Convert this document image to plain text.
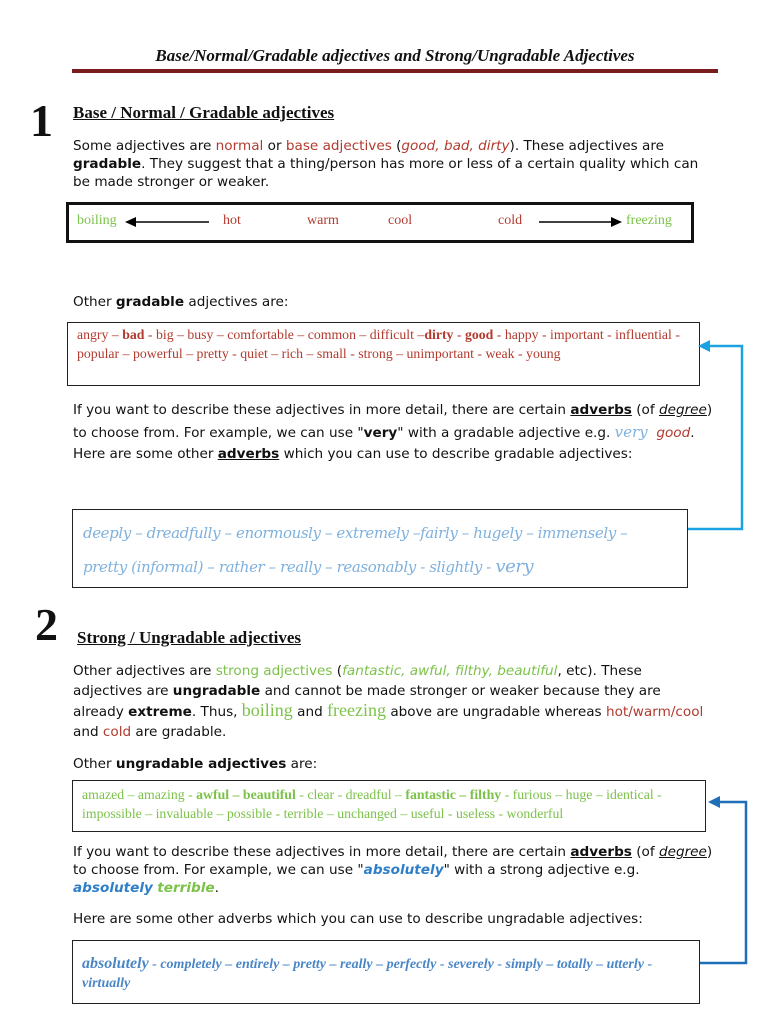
Base/Normal/Gradable adjectives and Strong/Ungradable Adjectives
1 Base / Normal / Gradable adjectives
Some adjectives are normal or base adjectives (good, bad, dirty). These adjectives are gradable. They suggest that a thing/person has more or less of a certain quality which can be made stronger or weaker.
boiling	hot	warm	cool	cold	freezing
Other gradable adjectives are:
angry – bad - big – busy – comfortable – common – difficult –dirty - good - happy - important - influential - popular – powerful – pretty - quiet – rich – small - strong – unimportant - weak - young
If you want to describe these adjectives in more detail, there are certain adverbs (of degree) to choose from. For example, we can use "very" with a gradable adjective e.g. very good. Here are some other adverbs which you can use to describe gradable adjectives:
deeply – dreadfully – enormously – extremely –fairly – hugely – immensely –
pretty (informal) – rather – really – reasonably - slightly - very
2 Strong / Ungradable adjectives
Other adjectives are strong adjectives (fantastic, awful, filthy, beautiful, etc). These adjectives are ungradable and cannot be made stronger or weaker because they are already extreme. Thus, boiling and freezing above are ungradable whereas hot/warm/cool and cold are gradable.
Other ungradable adjectives are:
amazed – amazing - awful – beautiful - clear - dreadful – fantastic – filthy - furious – huge – identical - impossible – invaluable – possible - terrible – unchanged – useful - useless - wonderful
If you want to describe these adjectives in more detail, there are certain adverbs (of degree) to choose from. For example, we can use "absolutely" with a strong adjective e.g. absolutely terrible.
Here are some other adverbs which you can use to describe ungradable adjectives:
absolutely - completely – entirely – pretty – really – perfectly - severely - simply – totally – utterly - virtually
